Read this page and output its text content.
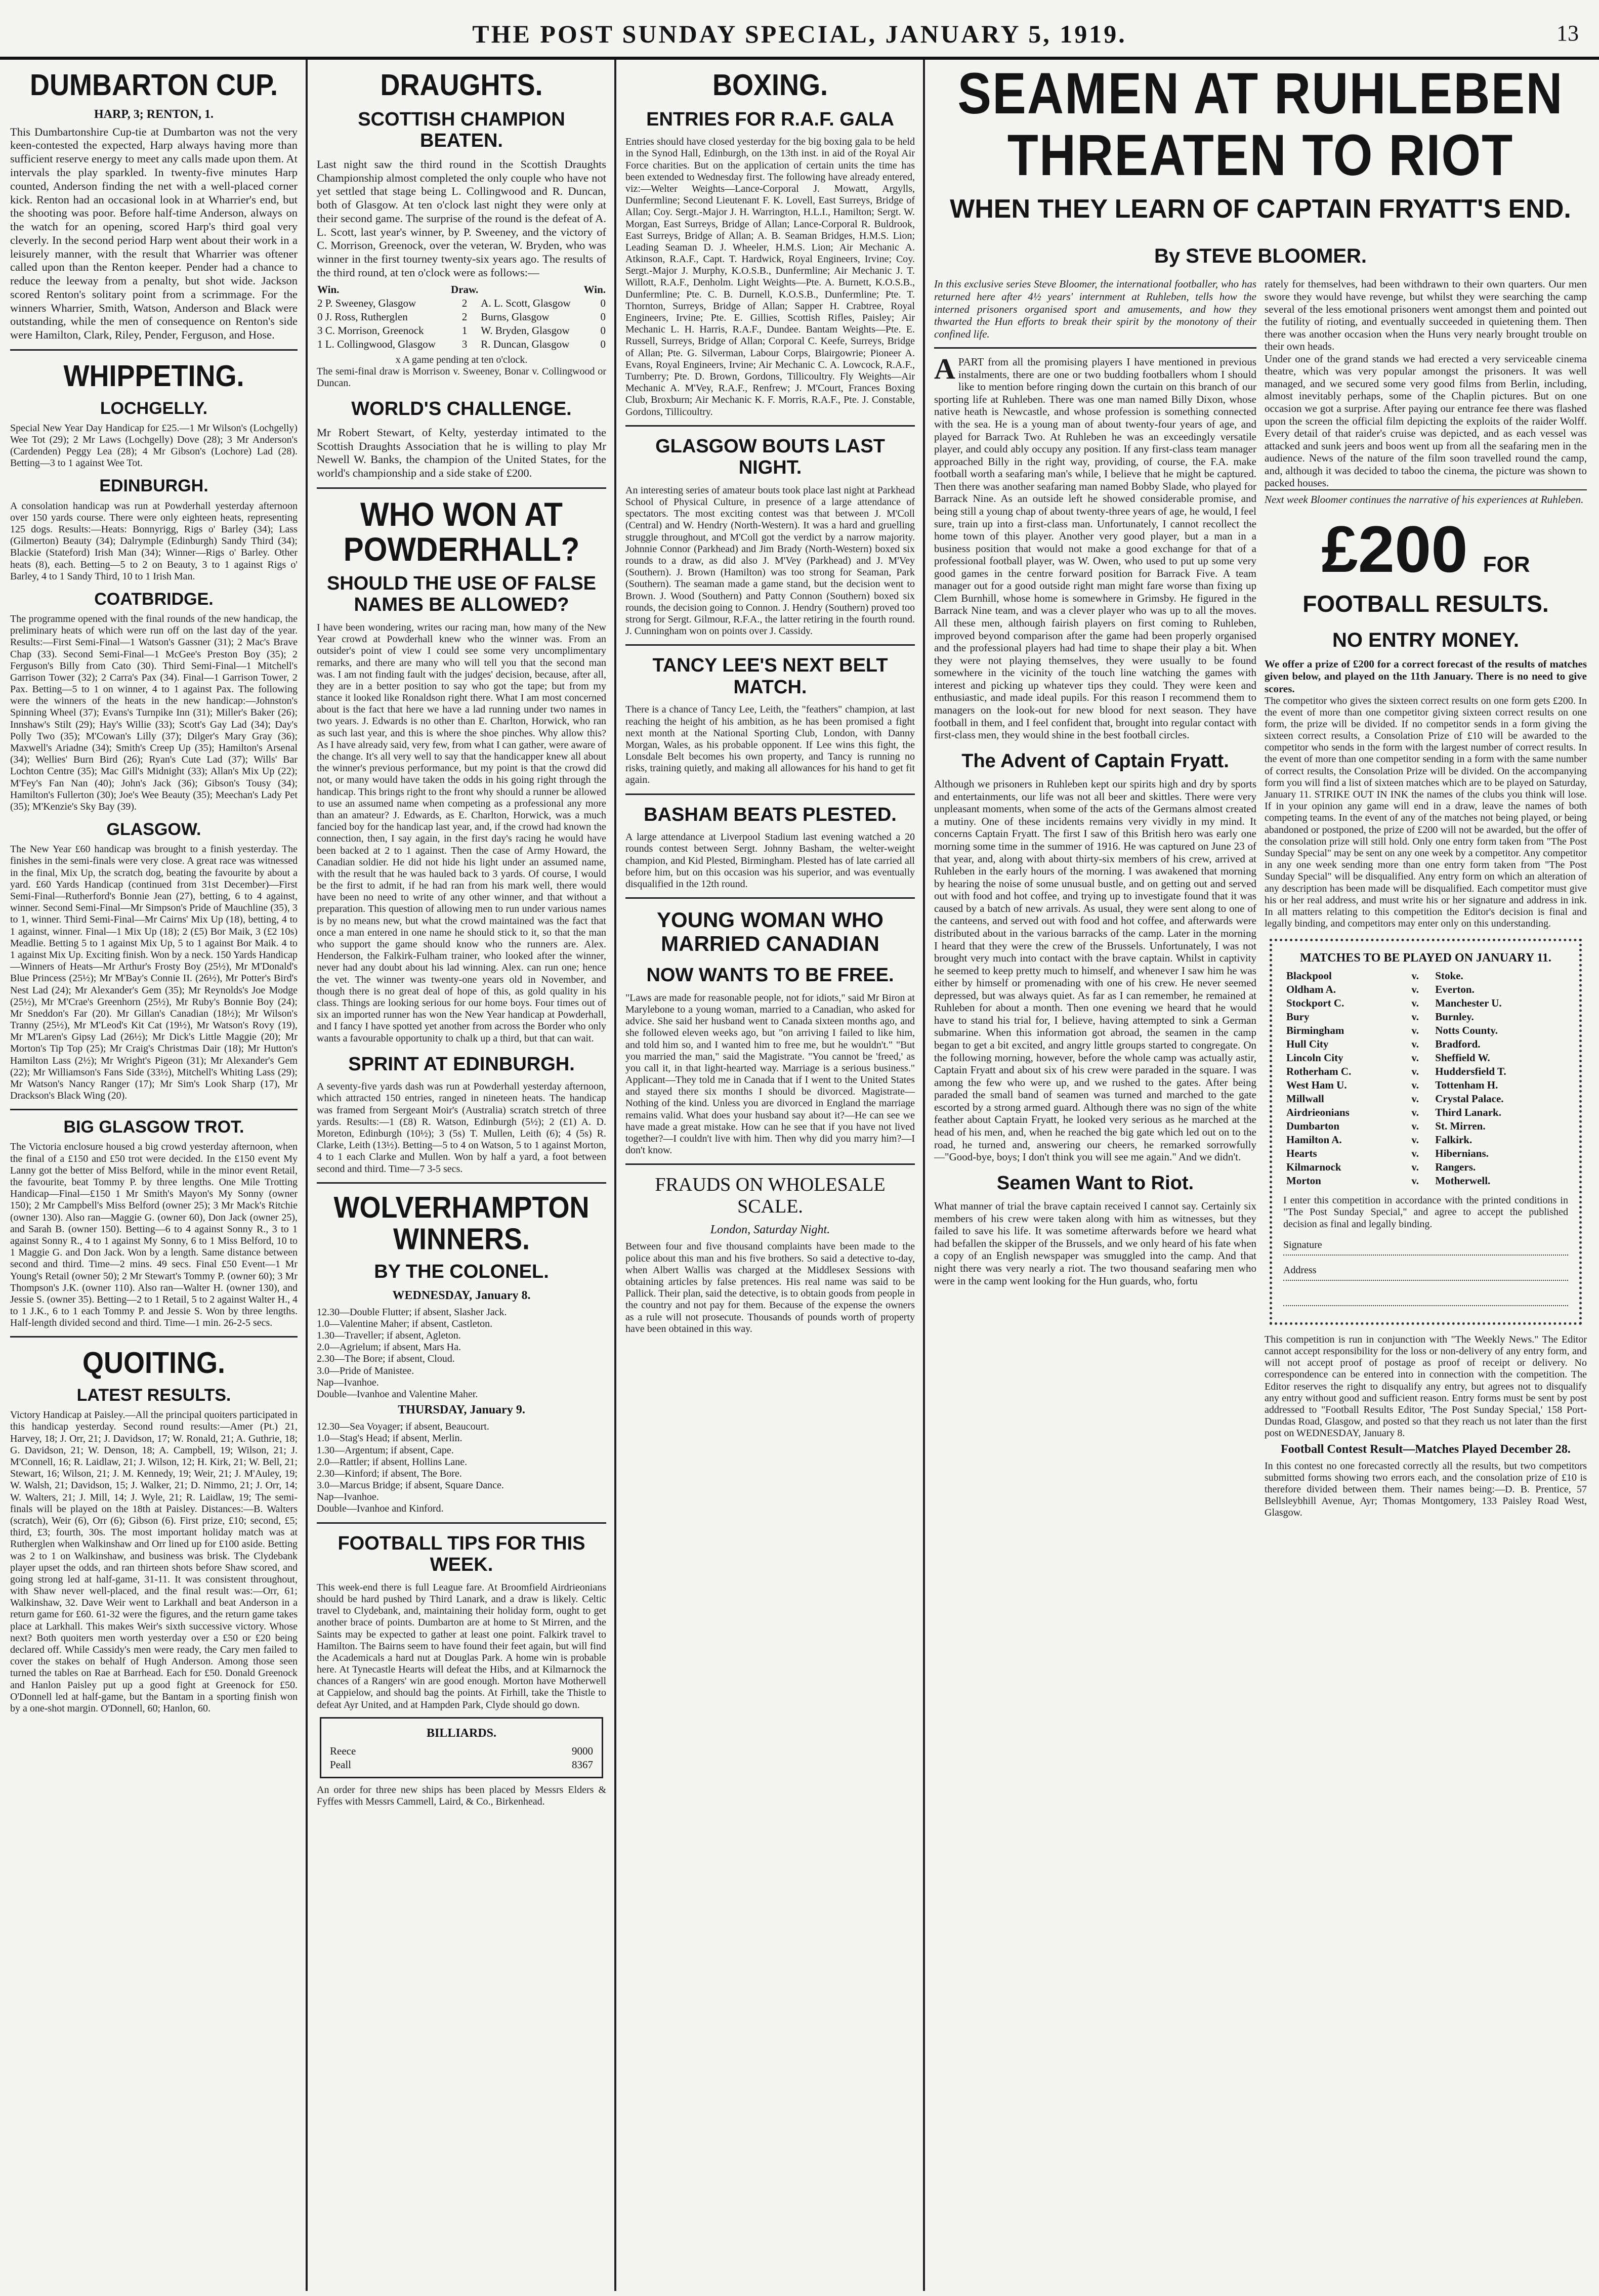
THE POST SUNDAY SPECIAL, JANUARY 5, 1919.	13
DUMBARTON CUP.
HARP, 3; RENTON, 1.

This Dumbartonshire Cup-tie at Dumbarton was not the very keen-contested the expected, Harp always having more than sufficient reserve energy to meet any calls made upon them. At intervals the play sparkled. In twenty-five minutes Harp counted, Anderson finding the net with a well-placed corner kick. Renton had an occasional look in at Wharrier's end, but the shooting was poor. Before half-time Anderson, always on the watch for an opening, scored Harp's third goal very cleverly. In the second period Harp went about their work in a leisurely manner, with the result that Wharrier was oftener called upon than the Renton keeper. Pender had a chance to reduce the leeway from a penalty, but shot wide. Jackson scored Renton's solitary point from a scrimmage. For the winners Wharrier, Smith, Watson, Anderson and Black were outstanding, while the men of consequence on Renton's side were Hamilton, Clark, Riley, Pender, Ferguson, and Hose.

WHIPPETING.
LOCHGELLY.

Special New Year Day Handicap for £25.—1 Mr Wilson's (Lochgelly) Wee Tot (29); 2 Mr Laws (Lochgelly) Dove (28); 3 Mr Anderson's (Cardenden) Peggy Lea (28); 4 Mr Gibson's (Lochore) Lad (28). Betting—3 to 1 against Wee Tot.

EDINBURGH.

A consolation handicap was run at Powderhall yesterday afternoon over 150 yards course. There were only eighteen heats, representing 125 dogs. Results:—Heats: Bonnyrigg, Rigs o' Barley (34); Lass (Gilmerton) Beauty (34); Dalrymple (Edinburgh) Sandy Third (34); Blackie (Stateford) Irish Man (34); Winner—Rigs o' Barley. Other heats (8), each. Betting—5 to 2 on Beauty, 3 to 1 against Rigs o' Barley, 4 to 1 Sandy Third, 10 to 1 Irish Man.

COATBRIDGE.

The programme opened with the final rounds of the new handicap, the preliminary heats of which were run off on the last day of the year. Results:—First Semi-Final—1 Watson's Gassner (31); 2 Mac's Brave Chap (33). Second Semi-Final—1 McGee's Preston Boy (35); 2 Ferguson's Billy from Cato (30). Third Semi-Final—1 Mitchell's Garrison Tower (32); 2 Carra's Pax (34). Final—1 Garrison Tower, 2 Pax. Betting—5 to 1 on winner, 4 to 1 against Pax. The following were the winners of the heats in the new handicap:—Johnston's Spinning Wheel (37); Evans's Turnpike Inn (31); Miller's Baker (26); Innshaw's Stilt (29); Hay's Willie (33); Scott's Gay Lad (34); Day's Polly Two (35); M'Cowan's Lilly (37); Dilger's Mary Gray (36); Maxwell's Ariadne (34); Smith's Creep Up (35); Hamilton's Arsenal (34); Wellies' Burn Bird (26); Ryan's Cute Lad (37); Wills' Bar Lochton Centre (35); Mac Gill's Midnight (33); Allan's Mix Up (22); M'Fey's Fan Nan (40); John's Jack (36); Gibson's Tousy (34); Hamilton's Fullerton (30); Joe's Wee Beauty (35); Meechan's Lady Pet (35); M'Kenzie's Sky Bay (39).

GLASGOW.

The New Year £60 handicap was brought to a finish yesterday. The finishes in the semi-finals were very close. A great race was witnessed in the final, Mix Up, the scratch dog, beating the favourite by about a yard. £60 Yards Handicap (continued from 31st December)—First Semi-Final—Rutherford's Bonnie Jean (27), betting, 6 to 4 against, winner. Second Semi-Final—Mr Simpson's Pride of Mauchline (35), 3 to 1, winner. Third Semi-Final—Mr Cairns' Mix Up (18), betting, 4 to 1 against, winner. Final—1 Mix Up (18); 2 (£5) Bor Maik, 3 (£2 10s) Meadlie. Betting 5 to 1 against Mix Up, 5 to 1 against Bor Maik. 4 to 1 against Mix Up. Exciting finish. Won by a neck. 150 Yards Handicap—Winners of Heats—Mr Arthur's Frosty Boy (25½), Mr M'Donald's Blue Princess (25½); Mr M'Bay's Connie II. (26½), Mr Potter's Bird's Nest Lad (24); Mr Alexander's Gem (35); Mr Reynolds's Joe Modge (25½), Mr M'Crae's Greenhorn (25½), Mr Ruby's Bonnie Boy (24); Mr Sneddon's Far (20). Mr Gillan's Canadian (18½); Mr Wilson's Tranny (25½), Mr M'Leod's Kit Cat (19½), Mr Watson's Rovy (19), Mr M'Laren's Gipsy Lad (26½); Mr Dick's Little Maggie (20); Mr Morton's Tip Top (25); Mr Craig's Christmas Dair (18); Mr Hutton's Hamilton Lass (2½); Mr Wright's Pigeon (31); Mr Alexander's Gem (22); Mr Williamson's Fans Side (33½), Mitchell's Whiting Lass (29); Mr Watson's Nancy Ranger (17); Mr Sim's Look Sharp (17), Mr Drackson's Black Wing (20).

BIG GLASGOW TROT.

The Victoria enclosure housed a big crowd yesterday afternoon, when the final of a £150 and £50 trot were decided. In the £150 event My Lanny got the better of Miss Belford, while in the minor event Retail, the favourite, beat Tommy P. by three lengths. One Mile Trotting Handicap—Final—£150 1 Mr Smith's Mayon's My Sonny (owner 150); 2 Mr Campbell's Miss Belford (owner 25); 3 Mr Mack's Ritchie (owner 130). Also ran—Maggie G. (owner 60), Don Jack (owner 25), and Sarah B. (owner 150). Betting—6 to 4 against Sonny R., 3 to 1 against Sonny R., 4 to 1 against My Sonny, 6 to 1 Miss Belford, 10 to 1 Maggie G. and Don Jack. Won by a length. Same distance between second and third. Time—2 mins. 49 secs. Final £50 Event—1 Mr Young's Retail (owner 50); 2 Mr Stewart's Tommy P. (owner 60); 3 Mr Thompson's J.K. (owner 110). Also ran—Walter H. (owner 130), and Jessie S. (owner 35). Betting—2 to 1 Retail, 5 to 2 against Walter H., 4 to 1 J.K., 6 to 1 each Tommy P. and Jessie S. Won by three lengths. Half-length divided second and third. Time—1 min. 26-2-5 secs.

QUOITING.
LATEST RESULTS.

Victory Handicap at Paisley.—All the principal quoiters participated in this handicap yesterday. Second round results:—Amer (Pt.) 21, Harvey, 18; J. Orr, 21; J. Davidson, 17; W. Ronald, 21; A. Guthrie, 18; G. Davidson, 21; W. Denson, 18; A. Campbell, 19; Wilson, 21; J. M'Connell, 16; R. Laidlaw, 21; J. Wilson, 12; H. Kirk, 21; W. Bell, 21; Stewart, 16; Wilson, 21; J. M. Kennedy, 19; Weir, 21; J. M'Auley, 19; W. Walsh, 21; Davidson, 15; J. Walker, 21; D. Nimmo, 21; J. Orr, 14; W. Walters, 21; J. Mill, 14; J. Wyle, 21; R. Laidlaw, 19; The semi-finals will be played on the 18th at Paisley. Distances:—B. Walters (scratch), Weir (6), Orr (6); Gibson (6). First prize, £10; second, £5; third, £3; fourth, 30s. The most important holiday match was at Rutherglen when Walkinshaw and Orr lined up for £100 aside. Betting was 2 to 1 on Walkinshaw, and business was brisk. The Clydebank player upset the odds, and ran thirteen shots before Shaw scored, and going strong led at half-game, 31-11. It was consistent throughout, with Shaw never well-placed, and the final result was:—Orr, 61; Walkinshaw, 32. Dave Weir went to Larkhall and beat Anderson in a return game for £60. 61-32 were the figures, and the return game takes place at Larkhall. This makes Weir's sixth successive victory. Whose next? Both quoiters men worth yesterday over a £50 or £20 being declared off. While Cassidy's men were ready, the Cary men failed to cover the stakes on behalf of Hugh Anderson. Among those seen turned the tables on Rae at Barrhead. Each for £50. Donald Greenock and Hanlon Paisley put up a good fight at Greenock for £50. O'Donnell led at half-game, but the Bantam in a sporting finish won by a one-shot margin. O'Donnell, 60; Hanlon, 60.

DRAUGHTS.
SCOTTISH CHAMPION BEATEN.

Last night saw the third round in the Scottish Draughts Championship almost completed the only couple who have not yet settled that stage being L. Collingwood and R. Duncan, both of Glasgow. At ten o'clock last night they were only at their second game. The surprise of the round is the defeat of A. L. Scott, last year's winner, by P. Sweeney, and the victory of C. Morrison, Greenock, over the veteran, W. Bryden, who was winner in the first tourney twenty-six years ago. The results of the third round, at ten o'clock were as follows:—

Win.	Draw.		Win.
2 P. Sweeney, Glasgow	2	A. L. Scott, Glasgow	0
0 J. Ross, Rutherglen	2	Burns, Glasgow	0
3 C. Morrison, Greenock	1	W. Bryden, Glasgow	0
1 L. Collingwood, Glasgow	3	R. Duncan, Glasgow	0

x A game pending at ten o'clock.

The semi-final draw is Morrison v. Sweeney, Bonar v. Collingwood or Duncan.

WORLD'S CHALLENGE.

Mr Robert Stewart, of Kelty, yesterday intimated to the Scottish Draughts Association that he is willing to play Mr Newell W. Banks, the champion of the United States, for the world's championship and a side stake of £200.

WHO WON AT POWDERHALL?
SHOULD THE USE OF FALSE NAMES BE ALLOWED?

I have been wondering, writes our racing man, how many of the New Year crowd at Powderhall knew who the winner was. From an outsider's point of view I could see some very uncomplimentary remarks, and there are many who will tell you that the second man was. I am not finding fault with the judges' decision, because, after all, they are in a better position to say who got the tape; but from my stance it looked like Ronaldson right there. What I am most concerned about is the fact that here we have a lad running under two names in two years. J. Edwards is no other than E. Charlton, Horwick, who ran as such last year, and this is where the shoe pinches. Why allow this? As I have already said, very few, from what I can gather, were aware of the change. It's all very well to say that the handicapper knew all about the winner's previous performance, but my point is that the crowd did not, or many would have taken the odds in his going right through the handicap. This brings right to the front why should a runner be allowed to use an assumed name when competing as a professional any more than an amateur? J. Edwards, as E. Charlton, Horwick, was a much fancied boy for the handicap last year, and, if the crowd had known the connection, then, I say again, in the first day's racing he would have been backed at 2 to 1 against. Then the case of Army Howard, the Canadian soldier. He did not hide his light under an assumed name, with the result that he was hauled back to 3 yards. Of course, I would be the first to admit, if he had ran from his mark well, there would have been no need to write of any other winner, and that without a preparation. This question of allowing men to run under various names is by no means new, but what the crowd maintained was the fact that once a man entered in one name he should stick to it, so that the man who support the game should know who the runners are. Alex. Henderson, the Falkirk-Fulham trainer, who looked after the winner, never had any doubt about his lad winning. Alex. can run one; hence the vet. The winner was twenty-one years old in November, and though there is no great deal of hope of this, as gold quality in his class. Things are looking serious for our home boys. Four times out of six an imported runner has won the New Year handicap at Powderhall, and I fancy I have spotted yet another from across the Border who only wants a favourable opportunity to chalk up a third, but that can wait.

SPRINT AT EDINBURGH.

A seventy-five yards dash was run at Powderhall yesterday afternoon, which attracted 150 entries, ranged in nineteen heats. The handicap was framed from Sergeant Moir's (Australia) scratch stretch of three yards. Results:—1 (£8) R. Watson, Edinburgh (5½); 2 (£1) A. D. Moreton, Edinburgh (10½); 3 (5s) T. Mullen, Leith (6); 4 (5s) R. Clarke, Leith (13½). Betting—5 to 4 on Watson, 5 to 1 against Morton, 4 to 1 each Clarke and Mullen. Won by half a yard, a foot between second and third. Time—7 3-5 secs.

WOLVERHAMPTON WINNERS.
BY THE COLONEL.
WEDNESDAY, January 8.
12.30—Double Flutter; if absent, Slasher Jack.
1.0—Valentine Maher; if absent, Castleton.
1.30—Traveller; if absent, Agleton.
2.0—Agrielum; if absent, Mars Ha.
2.30—The Bore; if absent, Cloud.
3.0—Pride of Manistee.
Nap—Ivanhoe.
Double—Ivanhoe and Valentine Maher.
THURSDAY, January 9.
12.30—Sea Voyager; if absent, Beaucourt.
1.0—Stag's Head; if absent, Merlin.
1.30—Argentum; if absent, Cape.
2.0—Rattler; if absent, Hollins Lane.
2.30—Kinford; if absent, The Bore.
3.0—Marcus Bridge; if absent, Square Dance.
Nap—Ivanhoe.
Double—Ivanhoe and Kinford.
FOOTBALL TIPS FOR THIS WEEK.

This week-end there is full League fare. At Broomfield Airdrieonians should be hard pushed by Third Lanark, and a draw is likely. Celtic travel to Clydebank, and, maintaining their holiday form, ought to get another brace of points. Dumbarton are at home to St Mirren, and the Saints may be expected to gather at least one point. Falkirk travel to Hamilton. The Bairns seem to have found their feet again, but will find the Academicals a hard nut at Douglas Park. A home win is probable here. At Tynecastle Hearts will defeat the Hibs, and at Kilmarnock the chances of a Rangers' win are good enough. Morton have Motherwell at Cappielow, and should bag the points. At Firhill, take the Thistle to defeat Ayr United, and at Hampden Park, Clyde should go down.

BILLIARDS.
Reece	9000
Peall	8367

An order for three new ships has been placed by Messrs Elders & Fyffes with Messrs Cammell, Laird, & Co., Birkenhead.

BOXING.
ENTRIES FOR R.A.F. GALA

Entries should have closed yesterday for the big boxing gala to be held in the Synod Hall, Edinburgh, on the 13th inst. in aid of the Royal Air Force charities. But on the application of certain units the time has been extended to Wednesday first. The following have already entered, viz:—Welter Weights—Lance-Corporal J. Mowatt, Argylls, Dunfermline; Second Lieutenant F. K. Lovell, East Surreys, Bridge of Allan; Coy. Sergt.-Major J. H. Warrington, H.L.I., Hamilton; Sergt. W. Morgan, East Surreys, Bridge of Allan; Lance-Corporal R. Buldrook, East Surreys, Bridge of Allan; A. B. Seaman Bridges, H.M.S. Lion; Leading Seaman D. J. Wheeler, H.M.S. Lion; Air Mechanic A. Atkinson, R.A.F., Capt. T. Hardwick, Royal Engineers, Irvine; Coy. Sergt.-Major J. Murphy, K.O.S.B., Dunfermline; Air Mechanic J. T. Willott, R.A.F., Denholm. Light Weights—Pte. A. Burnett, K.O.S.B., Dunfermline; Pte. C. B. Durnell, K.O.S.B., Dunfermline; Pte. T. Thornton, Surreys, Bridge of Allan; Sapper H. Crabtree, Royal Engineers, Irvine; Pte. E. Gillies, Scottish Rifles, Paisley; Air Mechanic L. H. Harris, R.A.F., Dundee. Bantam Weights—Pte. E. Russell, Surreys, Bridge of Allan; Corporal C. Keefe, Surreys, Bridge of Allan; Pte. G. Silverman, Labour Corps, Blairgowrie; Pioneer A. Evans, Royal Engineers, Irvine; Air Mechanic C. A. Lowcock, R.A.F., Turnberry; Pte. D. Brown, Gordons, Tillicoultry. Fly Weights—Air Mechanic A. M'Vey, R.A.F., Renfrew; J. M'Court, Frances Boxing Club, Broxburn; Air Mechanic K. F. Morris, R.A.F., Pte. J. Constable, Gordons, Tillicoultry.

GLASGOW BOUTS LAST NIGHT.

An interesting series of amateur bouts took place last night at Parkhead School of Physical Culture, in presence of a large attendance of spectators. The most exciting contest was that between J. M'Coll (Central) and W. Hendry (North-Western). It was a hard and gruelling struggle throughout, and M'Coll got the verdict by a narrow majority. Johnnie Connor (Parkhead) and Jim Brady (North-Western) boxed six rounds to a draw, as did also J. M'Vey (Parkhead) and J. M'Vey (Southern). J. Brown (Hamilton) was too strong for Seaman, Park (Southern). The seaman made a game stand, but the decision went to Brown. J. Wood (Southern) and Patty Connon (Southern) boxed six rounds, the decision going to Connon. J. Hendry (Southern) proved too strong for Sergt. Gilmour, R.F.A., the latter retiring in the fourth round. J. Cunningham won on points over J. Cassidy.

TANCY LEE'S NEXT BELT MATCH.

There is a chance of Tancy Lee, Leith, the "feathers" champion, at last reaching the height of his ambition, as he has been promised a fight next month at the National Sporting Club, London, with Danny Morgan, Wales, as his probable opponent. If Lee wins this fight, the Lonsdale Belt becomes his own property, and Tancy is running no risks, training quietly, and making all allowances for his hand to get fit again.

BASHAM BEATS PLESTED.

A large attendance at Liverpool Stadium last evening watched a 20 rounds contest between Sergt. Johnny Basham, the welter-weight champion, and Kid Plested, Birmingham. Plested has of late carried all before him, but on this occasion was his superior, and was eventually disqualified in the 12th round.

YOUNG WOMAN WHO MARRIED CANADIAN
NOW WANTS TO BE FREE.

"Laws are made for reasonable people, not for idiots," said Mr Biron at Marylebone to a young woman, married to a Canadian, who asked for advice. She said her husband went to Canada sixteen months ago, and she followed eleven weeks ago, but "on arriving I failed to like him, and told him so, and I wanted him to free me, but he wouldn't." "But you married the man," said the Magistrate. "You cannot be 'freed,' as you call it, in that light-hearted way. Marriage is a serious business." Applicant—They told me in Canada that if I went to the United States and stayed there six months I should be divorced. Magistrate—Nothing of the kind. Unless you are divorced in England the marriage remains valid. What does your husband say about it?—He can see we have made a great mistake. How can he see that if you have not lived together?—I couldn't live with him. Then why did you marry him?—I don't know.

FRAUDS ON WHOLESALE SCALE.
London, Saturday Night.

Between four and five thousand complaints have been made to the police about this man and his five brothers. So said a detective to-day, when Albert Wallis was charged at the Middlesex Sessions with obtaining articles by false pretences. His real name was said to be Pallick. Their plan, said the detective, is to obtain goods from people in the country and not pay for them. Because of the expense the owners as a rule will not prosecute. Thousands of pounds worth of property have been obtained in this way.

SEAMEN AT RUHLEBEN
THREATEN TO RIOT
WHEN THEY LEARN OF CAPTAIN FRYATT'S END.
By STEVE BLOOMER.

In this exclusive series Steve Bloomer, the international footballer, who has returned here after 4½ years' internment at Ruhleben, tells how the interned prisoners organised sport and amusements, and how they thwarted the Hun efforts to break their spirit by the monotony of their confined life.

APART from all the promising players I have mentioned in previous instalments, there are one or two budding footballers whom I should like to mention before ringing down the curtain on this branch of our sporting life at Ruhleben. There was one man named Billy Dixon, whose native heath is Newcastle, and whose profession is something connected with the sea. He is a young man of about twenty-four years of age, and played for Barrack Two. At Ruhleben he was an exceedingly versatile player, and could ably occupy any position. If any first-class team manager approached Billy in the right way, providing, of course, the F.A. make football worth a seafaring man's while, I believe that he might be captured. Then there was another seafaring man named Bobby Slade, who played for Barrack Nine. As an outside left he showed considerable promise, and being still a young chap of about twenty-three years of age, he would, I feel sure, train up into a first-class man. Unfortunately, I cannot recollect the home town of this player. Another very good player, but a man in a business position that would not make a good exchange for that of a professional football player, was W. Owen, who used to put up some very good games in the centre forward position for Barrack Five. A team manager out for a good outside right man might fare worse than fixing up Clem Burnhill, whose home is somewhere in Grimsby. He figured in the Barrack Nine team, and was a clever player who was up to all the moves. All these men, although fairish players on first coming to Ruhleben, improved beyond comparison after the game had been properly organised and the professional players had had time to shape their play a bit. When they were not playing themselves, they were usually to be found somewhere in the vicinity of the touch line watching the games with interest and picking up whatever tips they could. They were keen and enthusiastic, and made ideal pupils. For this reason I recommend them to managers on the look-out for new blood for next season. They have football in them, and I feel confident that, brought into regular contact with first-class men, they would shine in the best football circles.

The Advent of Captain Fryatt.

Although we prisoners in Ruhleben kept our spirits high and dry by sports and entertainments, our life was not all beer and skittles. There were very unpleasant moments, when some of the acts of the Germans almost created a mutiny. One of these incidents remains very vividly in my mind. It concerns Captain Fryatt. The first I saw of this British hero was early one morning some time in the summer of 1916. He was captured on June 23 of that year, and, along with about thirty-six members of his crew, arrived at Ruhleben in the early hours of the morning. I was awakened that morning by hearing the noise of some unusual bustle, and on getting out and served out with food and hot coffee, and trying up to investigate found that it was caused by a batch of new arrivals. As usual, they were sent along to one of the canteens, and served out with food and hot coffee, and afterwards were distributed about in the various barracks of the camp. Later in the morning I heard that they were the crew of the Brussels. Unfortunately, I was not brought very much into contact with the brave captain. Whilst in captivity he seemed to keep pretty much to himself, and whenever I saw him he was either by himself or promenading with one of his crew. He never seemed depressed, but was always quiet. As far as I can remember, he remained at Ruhleben for about a month. Then one evening we heard that he would have to stand his trial for, I believe, having attempted to sink a German submarine. When this information got abroad, the seamen in the camp began to get a bit excited, and angry little groups started to congregate. On the following morning, however, before the whole camp was actually astir, Captain Fryatt and about six of his crew were paraded in the square. I was among the few who were up, and we rushed to the gates. After being paraded the small band of seamen was turned and marched to the gate escorted by a strong armed guard. Although there was no sign of the white feather about Captain Fryatt, he looked very serious as he marched at the head of his men, and, when he reached the big gate which led out on to the road, he turned and, answering our cheers, he remarked sorrowfully—"Good-bye, boys; I don't think you will see me again." And we didn't.

Seamen Want to Riot.

What manner of trial the brave captain received I cannot say. Certainly six members of his crew were taken along with him as witnesses, but they failed to save his life. It was sometime afterwards before we heard what had befallen the skipper of the Brussels, and we only heard of his fate when a copy of an English newspaper was smuggled into the camp. And that night there was very nearly a riot. The two thousand seafaring men who were in the camp went looking for the Hun guards, who, fortu

rately for themselves, had been withdrawn to their own quarters. Our men swore they would have revenge, but whilst they were searching the camp several of the less emotional prisoners went amongst them and pointed out the futility of rioting, and eventually succeeded in quietening them. Then there was another occasion when the Huns very nearly brought trouble on their own heads.

Under one of the grand stands we had erected a very serviceable cinema theatre, which was very popular amongst the prisoners. It was well managed, and we secured some very good films from Berlin, including, almost inevitably perhaps, some of the Chaplin pictures. But on one occasion we got a surprise. After paying our entrance fee there was flashed upon the screen the official film depicting the exploits of the raider Wolff. Every detail of that raider's cruise was depicted, and as each vessel was attacked and sunk jeers and boos went up from all the seafaring men in the audience. News of the nature of the film soon travelled round the camp, and, although it was decided to taboo the cinema, the picture was shown to packed houses.

Next week Bloomer continues the narrative of his experiences at Ruhleben.

£200 FOR
FOOTBALL RESULTS.
NO ENTRY MONEY.

We offer a prize of £200 for a correct forecast of the results of matches given below, and played on the 11th January. There is no need to give scores.

The competitor who gives the sixteen correct results on one form gets £200. In the event of more than one competitor giving sixteen correct results on one form, the prize will be divided. If no competitor sends in a form giving the sixteen correct results, a Consolation Prize of £10 will be awarded to the competitor who sends in the form with the largest number of correct results. In the event of more than one competitor sending in a form with the same number of correct results, the Consolation Prize will be divided. On the accompanying form you will find a list of sixteen matches which are to be played on Saturday, January 11. STRIKE OUT IN INK the names of the clubs you think will lose. If in your opinion any game will end in a draw, leave the names of both competing teams. In the event of any of the matches not being played, or being abandoned or postponed, the prize of £200 will not be awarded, but the offer of the consolation prize will still hold. Only one entry form taken from "The Post Sunday Special" may be sent on any one week by a competitor. Any competitor in any one week sending more than one entry form taken from "The Post Sunday Special" will be disqualified. Any entry form on which an alteration of any description has been made will be disqualified. Each competitor must give his or her real address, and must write his or her signature and address in ink. In all matters relating to this competition the Editor's decision is final and legally binding, and competitors may enter only on this understanding.

MATCHES TO BE PLAYED ON JANUARY 11.
Blackpool	v.	Stoke.
Oldham A.	v.	Everton.
Stockport C.	v.	Manchester U.
Bury	v.	Burnley.
Birmingham	v.	Notts County.
Hull City	v.	Bradford.
Lincoln City	v.	Sheffield W.
Rotherham C.	v.	Huddersfield T.
West Ham U.	v.	Tottenham H.
Millwall	v.	Crystal Palace.
Airdrieonians	v.	Third Lanark.
Dumbarton	v.	St. Mirren.
Hamilton A.	v.	Falkirk.
Hearts	v.	Hibernians.
Kilmarnock	v.	Rangers.
Morton	v.	Motherwell.

I enter this competition in accordance with the printed conditions in "The Post Sunday Special," and agree to accept the published decision as final and legally binding.

Signature
Address

This competition is run in conjunction with "The Weekly News." The Editor cannot accept responsibility for the loss or non-delivery of any entry form, and will not accept proof of postage as proof of receipt or delivery. No correspondence can be entered into in connection with the competition. The Editor reserves the right to disqualify any entry, but agrees not to disqualify any entry without good and sufficient reason. Entry forms must be sent by post addressed to "Football Results Editor, 'The Post Sunday Special,' 158 Port-Dundas Road, Glasgow, and posted so that they reach us not later than the first post on WEDNESDAY, January 8.

Football Contest Result—Matches Played December 28.

In this contest no one forecasted correctly all the results, but two competitors submitted forms showing two errors each, and the consolation prize of £10 is therefore divided between them. Their names being:—D. B. Prentice, 57 Bellsleybhill Avenue, Ayr; Thomas Montgomery, 133 Paisley Road West, Glasgow.
